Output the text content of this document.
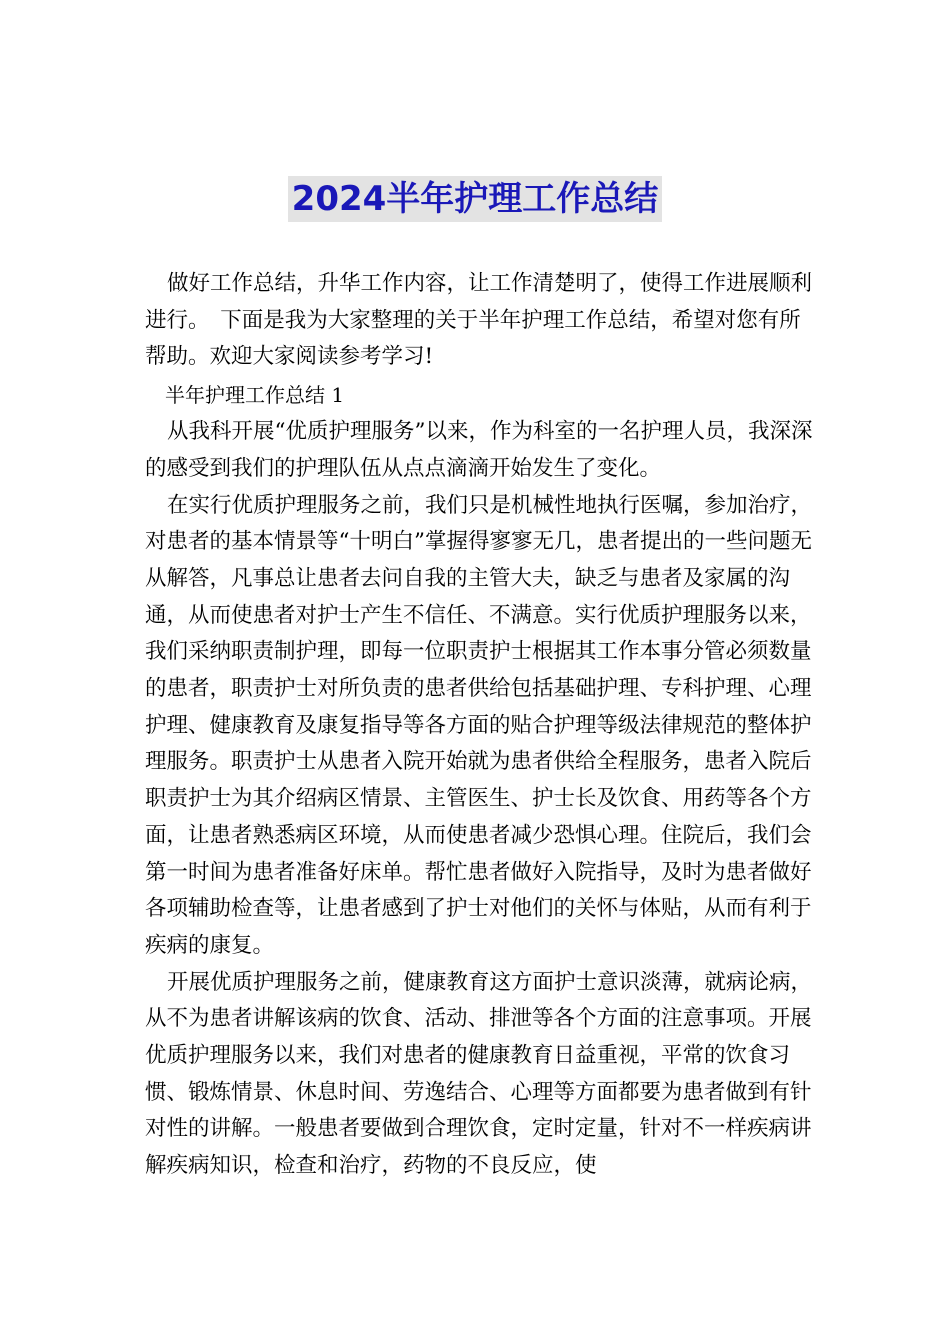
2024半年护理工作总结

做好工作总结，升华工作内容，让工作清楚明了，使得工作进展顺利进行。　下面是我为大家整理的关于半年护理工作总结，希望对您有所帮助。欢迎大家阅读参考学习!

半年护理工作总结 1

从我科开展“优质护理服务”以来，作为科室的一名护理人员，我深深的感受到我们的护理队伍从点点滴滴开始发生了变化。

在实行优质护理服务之前，我们只是机械性地执行医嘱，参加治疗，对患者的基本情景等“十明白”掌握得寥寥无几，患者提出的一些问题无从解答，凡事总让患者去问自我的主管大夫，缺乏与患者及家属的沟通，从而使患者对护士产生不信任、不满意。实行优质护理服务以来，我们采纳职责制护理，即每一位职责护士根据其工作本事分管必须数量的患者，职责护士对所负责的患者供给包括基础护理、专科护理、心理护理、健康教育及康复指导等各方面的贴合护理等级法律规范的整体护理服务。职责护士从患者入院开始就为患者供给全程服务，患者入院后职责护士为其介绍病区情景、主管医生、护士长及饮食、用药等各个方面，让患者熟悉病区环境，从而使患者减少恐惧心理。住院后，我们会第一时间为患者准备好床单。帮忙患者做好入院指导，及时为患者做好各项辅助检查等，让患者感到了护士对他们的关怀与体贴，从而有利于疾病的康复。

开展优质护理服务之前，健康教育这方面护士意识淡薄，就病论病，从不为患者讲解该病的饮食、活动、排泄等各个方面的注意事项。开展优质护理服务以来，我们对患者的健康教育日益重视，平常的饮食习惯、锻炼情景、休息时间、劳逸结合、心理等方面都要为患者做到有针对性的讲解。一般患者要做到合理饮食，定时定量，针对不一样疾病讲解疾病知识，检查和治疗，药物的不良反应，使
